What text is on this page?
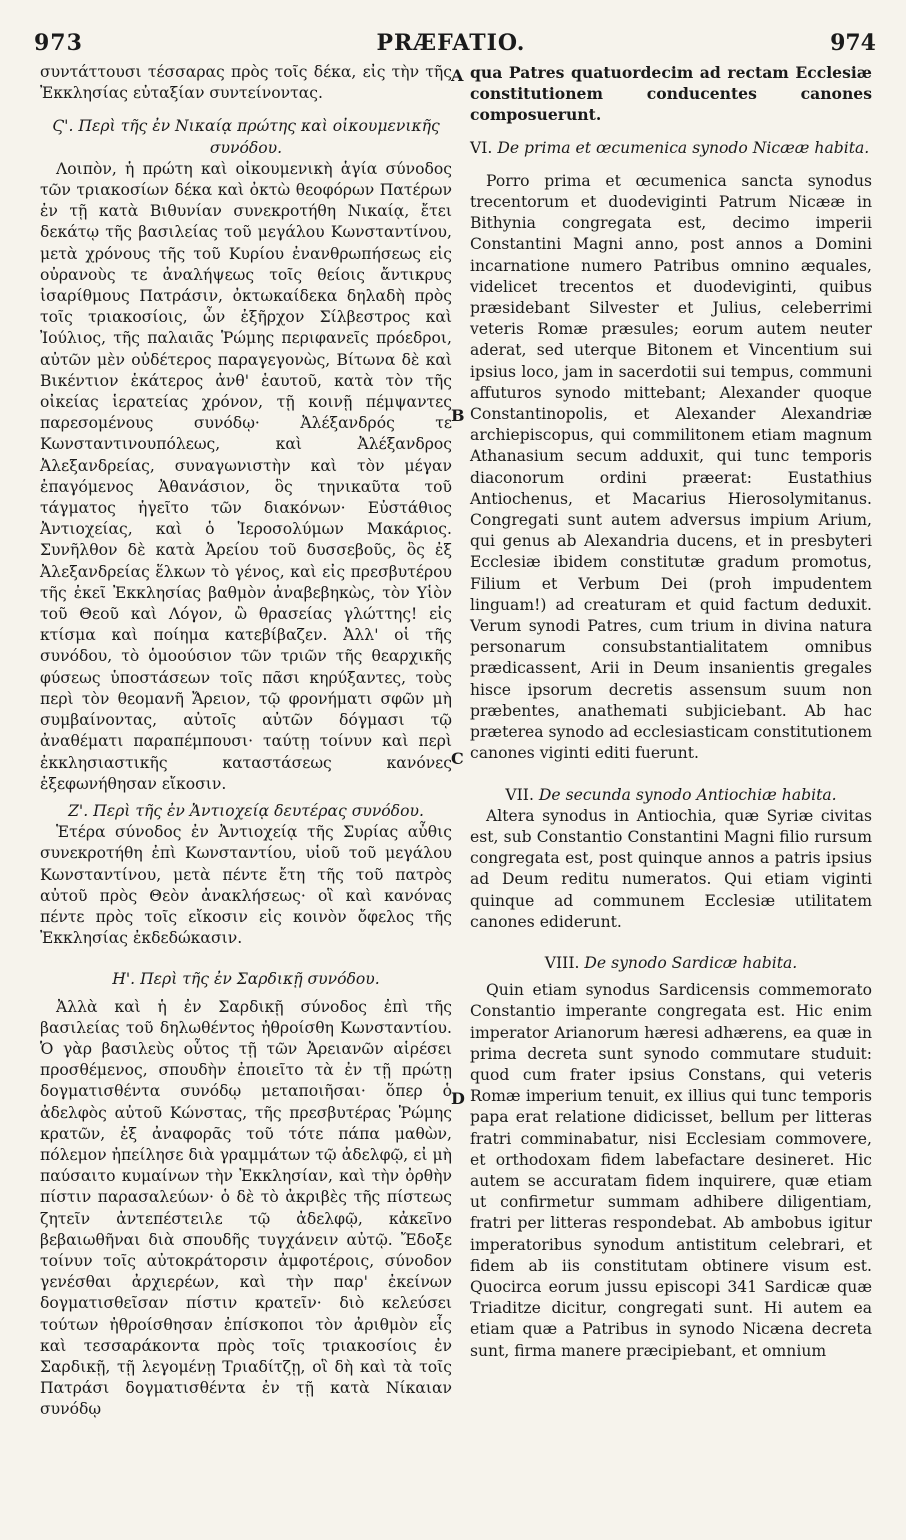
973	PRÆFATIO.	974
A
B
C
D

συντάττουσι τέσσαρας πρὸς τοῖς δέκα, εἰς τὴν τῆς Ἐκκλησίας εὐταξίαν συντείνοντας.

Ϛ'. Περὶ τῆς ἐν Νικαίᾳ πρώτης καὶ οἰκουμενικῆς συνόδου.

Λοιπὸν, ἡ πρώτη καὶ οἰκουμενικὴ ἁγία σύνοδος τῶν τριακοσίων δέκα καὶ ὀκτὼ θεοφόρων Πατέρων ἐν τῇ κατὰ Βιθυνίαν συνεκροτήθη Νικαίᾳ, ἔτει δεκάτῳ τῆς βασιλείας τοῦ μεγάλου Κωνσταντίνου, μετὰ χρόνους τῆς τοῦ Κυρίου ἐνανθρωπήσεως εἰς οὐρανοὺς τε ἀναλήψεως τοῖς θείοις ἄντικρυς ἰσαρίθμους Πατράσιν, ὀκτωκαίδεκα δηλαδὴ πρὸς τοῖς τριακοσίοις, ὧν ἐξῆρχον Σίλβεστρος καὶ Ἰούλιος, τῆς παλαιᾶς Ῥώμης περιφανεῖς πρόεδροι, αὐτῶν μὲν οὐδέτερος παραγεγονὼς, Βίτωνα δὲ καὶ Βικέντιον ἑκάτερος ἀνθ' ἑαυτοῦ, κατὰ τὸν τῆς οἰκείας ἱερατείας χρόνον, τῇ κοινῇ πέμψαντες παρεσομένους συνόδῳ· Ἀλέξανδρός τε Κωνσταντινουπόλεως, καὶ Ἀλέξανδρος Ἀλεξανδρείας, συναγωνιστὴν καὶ τὸν μέγαν ἐπαγόμενος Ἀθανάσιον, ὃς τηνικαῦτα τοῦ τάγματος ἡγεῖτο τῶν διακόνων· Εὐστάθιος Ἀντιοχείας, καὶ ὁ Ἱεροσολύμων Μακάριος. Συνῆλθον δὲ κατὰ Ἀρείου τοῦ δυσσεβοῦς, ὃς ἐξ Ἀλεξανδρείας ἕλκων τὸ γένος, καὶ εἰς πρεσβυτέρου τῆς ἐκεῖ Ἐκκλησίας βαθμὸν ἀναβεβηκὼς, τὸν Υἱὸν τοῦ Θεοῦ καὶ Λόγον, ὢ θρασείας γλώττης! εἰς κτίσμα καὶ ποίημα κατεβίβαζεν. Ἀλλ' οἱ τῆς συνόδου, τὸ ὁμοούσιον τῶν τριῶν τῆς θεαρχικῆς φύσεως ὑποστάσεων τοῖς πᾶσι κηρύξαντες, τοὺς περὶ τὸν θεομανῆ Ἄρειον, τῷ φρονήματι σφῶν μὴ συμβαίνοντας, αὐτοῖς αὐτῶν δόγμασι τῷ ἀναθέματι παραπέμπουσι· ταύτῃ τοίνυν καὶ περὶ ἐκκλησιαστικῆς καταστάσεως κανόνες ἐξεφωνήθησαν εἴκοσιν.

Ζ'. Περὶ τῆς ἐν Ἀντιοχείᾳ δευτέρας συνόδου.

Ἑτέρα σύνοδος ἐν Ἀντιοχείᾳ τῆς Συρίας αὖθις συνεκροτήθη ἐπὶ Κωνσταντίου, υἱοῦ τοῦ μεγάλου Κωνσταντίνου, μετὰ πέντε ἔτη τῆς τοῦ πατρὸς αὐτοῦ πρὸς Θεὸν ἀνακλήσεως· οἳ καὶ κανόνας πέντε πρὸς τοῖς εἴκοσιν εἰς κοινὸν ὄφελος τῆς Ἐκκλησίας ἐκδεδώκασιν.

Η'. Περὶ τῆς ἐν Σαρδικῇ συνόδου.

Ἀλλὰ καὶ ἡ ἐν Σαρδικῇ σύνοδος ἐπὶ τῆς βασιλείας τοῦ δηλωθέντος ἠθροίσθη Κωνσταντίου. Ὁ γὰρ βασιλεὺς οὗτος τῇ τῶν Ἀρειανῶν αἱρέσει προσθέμενος, σπουδὴν ἐποιεῖτο τὰ ἐν τῇ πρώτῃ δογματισθέντα συνόδῳ μεταποιῆσαι· ὅπερ ὁ ἀδελφὸς αὐτοῦ Κώνστας, τῆς πρεσβυτέρας Ῥώμης κρατῶν, ἐξ ἀναφορᾶς τοῦ τότε πάπα μαθὼν, πόλεμον ἠπείλησε διὰ γραμμάτων τῷ ἀδελφῷ, εἰ μὴ παύσαιτο κυμαίνων τὴν Ἐκκλησίαν, καὶ τὴν ὀρθὴν πίστιν παρασαλεύων· ὁ δὲ τὸ ἀκριβὲς τῆς πίστεως ζητεῖν ἀντεπέστειλε τῷ ἀδελφῷ, κἀκεῖνο βεβαιωθῆναι διὰ σπουδῆς τυγχάνειν αὐτῷ. Ἔδοξε τοίνυν τοῖς αὐτοκράτορσιν ἀμφοτέροις, σύνοδον γενέσθαι ἀρχιερέων, καὶ τὴν παρ' ἐκείνων δογματισθεῖσαν πίστιν κρατεῖν· διὸ κελεύσει τούτων ἠθροίσθησαν ἐπίσκοποι τὸν ἀριθμὸν εἷς καὶ τεσσαράκοντα πρὸς τοῖς τριακοσίοις ἐν Σαρδικῇ, τῇ λεγομένῃ Τριαδίτζῃ, οἳ δὴ καὶ τὰ τοῖς Πατράσι δογματισθέντα ἐν τῇ κατὰ Νίκαιαν συνόδῳ

qua Patres quatuordecim ad rectam Ecclesiæ constitutionem conducentes canones composuerunt.

VI. De prima et œcumenica synodo Nicææ habita.

Porro prima et œcumenica sancta synodus trecentorum et duodeviginti Patrum Nicææ in Bithynia congregata est, decimo imperii Constantini Magni anno, post annos a Domini incarnatione numero Patribus omnino æquales, videlicet trecentos et duodeviginti, quibus præsidebant Silvester et Julius, celeberrimi veteris Romæ præsules; eorum autem neuter aderat, sed uterque Bitonem et Vincentium sui ipsius loco, jam in sacerdotii sui tempus, communi affuturos synodo mittebant; Alexander quoque Constantinopolis, et Alexander Alexandriæ archiepiscopus, qui commilitonem etiam magnum Athanasium secum adduxit, qui tunc temporis diaconorum ordini præerat: Eustathius Antiochenus, et Macarius Hierosolymitanus. Congregati sunt autem adversus impium Arium, qui genus ab Alexandria ducens, et in presbyteri Ecclesiæ ibidem constitutæ gradum promotus, Filium et Verbum Dei (proh impudentem linguam!) ad creaturam et quid factum deduxit. Verum synodi Patres, cum trium in divina natura personarum consubstantialitatem omnibus prædicassent, Arii in Deum insanientis gregales hisce ipsorum decretis assensum suum non præbentes, anathemati subjiciebant. Ab hac præterea synodo ad ecclesiasticam constitutionem canones viginti editi fuerunt.

VII. De secunda synodo Antiochiæ habita.

Altera synodus in Antiochia, quæ Syriæ civitas est, sub Constantio Constantini Magni filio rursum congregata est, post quinque annos a patris ipsius ad Deum reditu numeratos. Qui etiam viginti quinque ad communem Ecclesiæ utilitatem canones ediderunt.

VIII. De synodo Sardicæ habita.

Quin etiam synodus Sardicensis commemorato Constantio imperante congregata est. Hic enim imperator Arianorum hæresi adhærens, ea quæ in prima decreta sunt synodo commutare studuit: quod cum frater ipsius Constans, qui veteris Romæ imperium tenuit, ex illius qui tunc temporis papa erat relatione didicisset, bellum per litteras fratri comminabatur, nisi Ecclesiam commovere, et orthodoxam fidem labefactare desineret. Hic autem se accuratam fidem inquirere, quæ etiam ut confirmetur summam adhibere diligentiam, fratri per litteras respondebat. Ab ambobus igitur imperatoribus synodum antistitum celebrari, et fidem ab iis constitutam obtinere visum est. Quocirca eorum jussu episcopi 341 Sardicæ quæ Triaditze dicitur, congregati sunt. Hi autem ea etiam quæ a Patribus in synodo Nicæna decreta sunt, firma manere præcipiebant, et omnium
